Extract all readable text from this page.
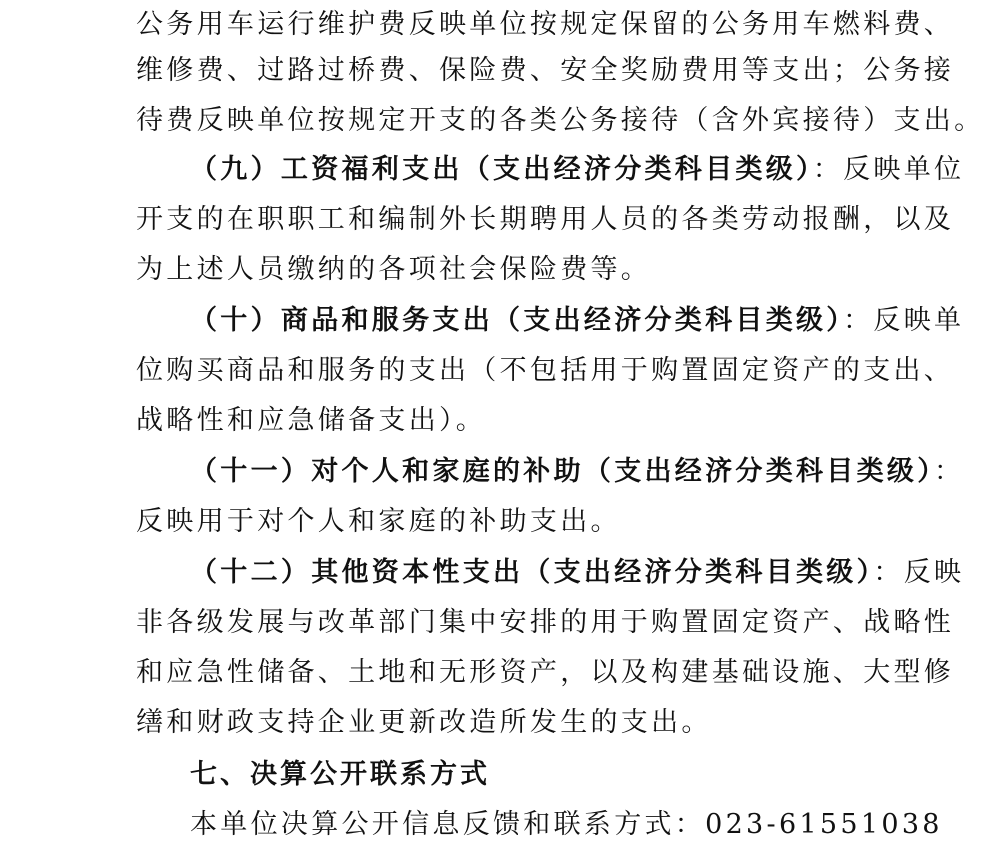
公务用车运行维护费反映单位按规定保留的公务用车燃料费、
维修费、过路过桥费、保险费、安全奖励费用等支出；公务接
待费反映单位按规定开支的各类公务接待（含外宾接待）支出。
（九）工资福利支出（支出经济分类科目类级）：反映单位
开支的在职职工和编制外长期聘用人员的各类劳动报酬，以及
为上述人员缴纳的各项社会保险费等。
（十）商品和服务支出（支出经济分类科目类级）：反映单
位购买商品和服务的支出（不包括用于购置固定资产的支出、
战略性和应急储备支出）。
（十一）对个人和家庭的补助（支出经济分类科目类级）：
反映用于对个人和家庭的补助支出。
（十二）其他资本性支出（支出经济分类科目类级）：反映
非各级发展与改革部门集中安排的用于购置固定资产、战略性
和应急性储备、土地和无形资产，以及构建基础设施、大型修
缮和财政支持企业更新改造所发生的支出。
七、决算公开联系方式
本单位决算公开信息反馈和联系方式：023-61551038
